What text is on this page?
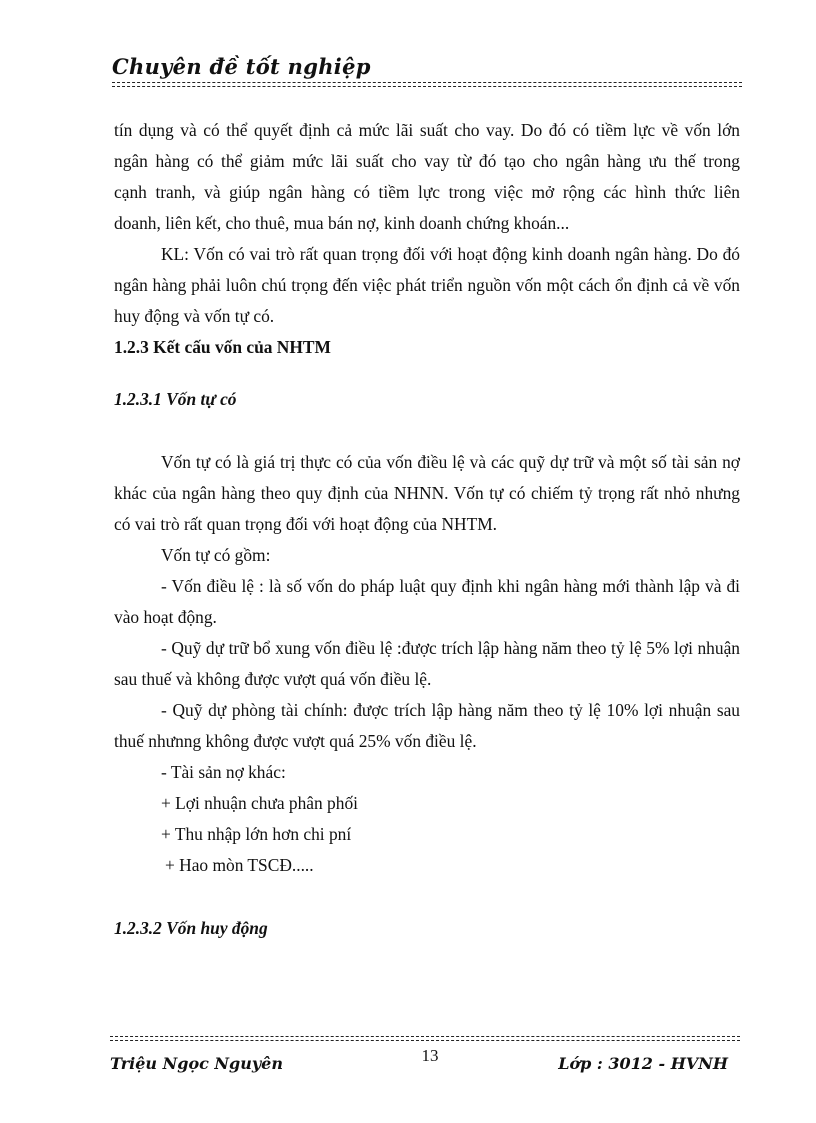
Chuyên đề tốt nghiệp

tín dụng và có thể quyết định cả mức lãi suất cho vay. Do đó có tiềm lực về vốn lớn

ngân hàng có thể giảm mức lãi suất cho vay từ đó tạo cho ngân hàng ưu thế trong

cạnh tranh, và giúp ngân hàng có tiềm lực trong việc mở rộng các hình thức liên

doanh, liên kết, cho thuê, mua bán nợ, kinh doanh chứng khoán...

KL: Vốn có vai trò rất quan trọng đối với hoạt động kinh doanh ngân hàng. Do đó ngân hàng phải luôn chú trọng đến việc phát triển nguồn vốn một cách ổn định cả về vốn huy động và vốn tự có.

1.2.3 Kết cấu vốn của NHTM

1.2.3.1 Vốn tự có

Vốn tự có là giá trị thực có của vốn điều lệ và các quỹ dự trữ và một số tài sản nợ khác của ngân hàng theo quy định của NHNN. Vốn tự có chiếm tỷ trọng rất nhỏ nhưng có vai trò rất quan trọng đối với hoạt động của NHTM.

Vốn tự có gồm:

- Vốn điều lệ : là số vốn do pháp luật quy định khi ngân hàng mới thành lập và đi vào hoạt động.

- Quỹ dự trữ bổ xung vốn điều lệ :được trích lập hàng năm theo tỷ lệ 5% lợi nhuận sau thuế và không được vượt quá vốn điều lệ.

- Quỹ dự phòng tài chính: được trích lập hàng năm theo tỷ lệ 10% lợi nhuận sau thuế nhưnng không được vượt quá 25% vốn điều lệ.

- Tài sản nợ khác:

+ Lợi nhuận chưa phân phối

+ Thu nhập lớn hơn chi pní

+ Hao mòn TSCĐ.....

1.2.3.2 Vốn huy động

Triệu Ngọc Nguyên	13	Lớp : 3012 - HVNH
